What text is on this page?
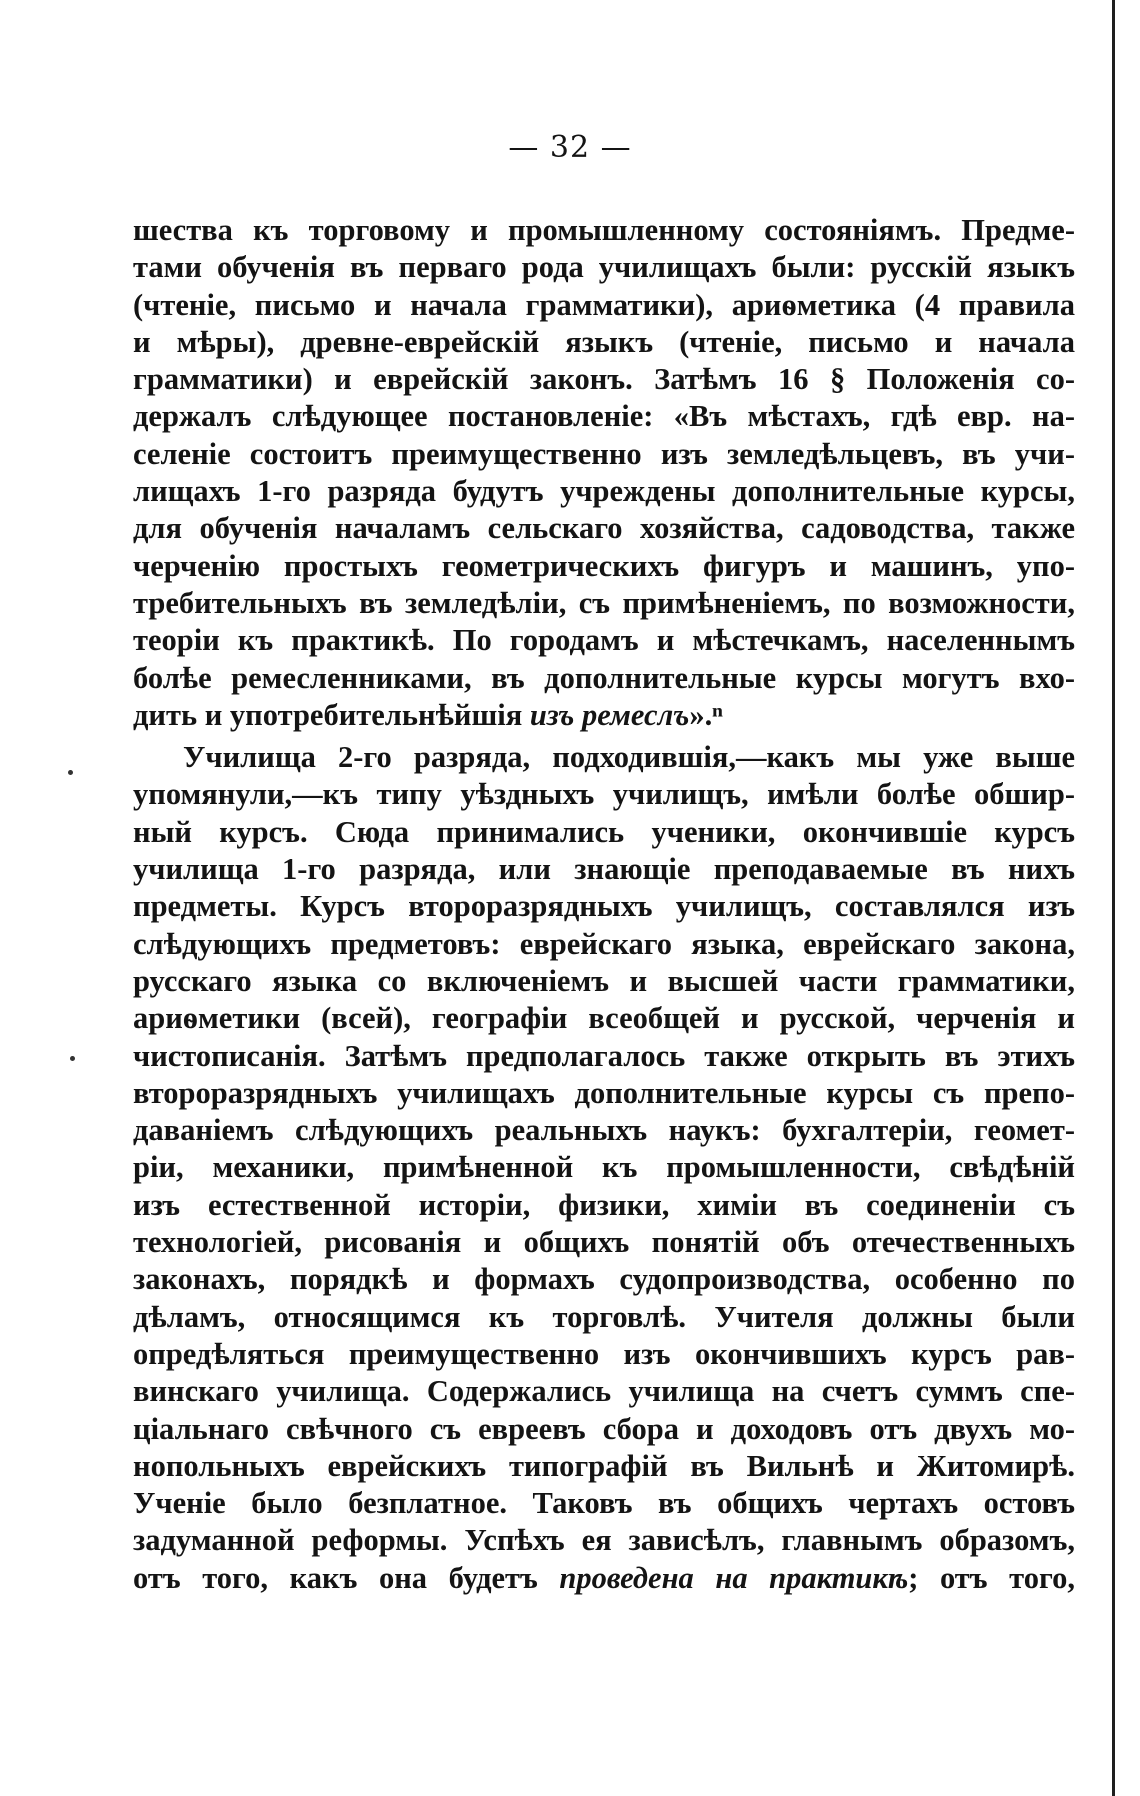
— 32 —
шества къ торговому и промышленному состояніямъ. Предме-
тами обученія въ перваго рода училищахъ были: русскій языкъ
(чтеніе, письмо и начала грамматики), ариѳметика (4 правила
и мѣры), древне-еврейскій языкъ (чтеніе, письмо и начала
грамматики) и еврейскій законъ. Затѣмъ 16 § Положенія со-
держалъ слѣдующее постановленіе: «Въ мѣстахъ, гдѣ евр. на-
селеніе состоитъ преимущественно изъ земледѣльцевъ, въ учи-
лищахъ 1-го разряда будутъ учреждены дополнительные курсы,
для обученія началамъ сельскаго хозяйства, садоводства, также
черченію простыхъ геометрическихъ фигуръ и машинъ, упо-
требительныхъ въ земледѣліи, съ примѣненіемъ, по возможности,
теоріи къ практикѣ. По городамъ и мѣстечкамъ, населеннымъ
болѣе ремесленниками, въ дополнительные курсы могутъ вхо-
дить и употребительнѣйшія изъ ремеслъ».ⁿ
Училища 2-го разряда, подходившія,—какъ мы уже выше
упомянули,—къ типу уѣздныхъ училищъ, имѣли болѣе обшир-
ный курсъ. Сюда принимались ученики, окончившіе курсъ
училища 1-го разряда, или знающіе преподаваемые въ нихъ
предметы. Курсъ второразрядныхъ училищъ, составлялся изъ
слѣдующихъ предметовъ: еврейскаго языка, еврейскаго закона,
русскаго языка со включеніемъ и высшей части грамматики,
ариѳметики (всей), географіи всеобщей и русской, черченія и
чистописанія. Затѣмъ предполагалось также открыть въ этихъ
второразрядныхъ училищахъ дополнительные курсы съ препо-
даваніемъ слѣдующихъ реальныхъ наукъ: бухгалтеріи, геомет-
ріи, механики, примѣненной къ промышленности, свѣдѣній
изъ естественной исторіи, физики, химіи въ соединеніи съ
технологіей, рисованія и общихъ понятій объ отечественныхъ
законахъ, порядкѣ и формахъ судопроизводства, особенно по
дѣламъ, относящимся къ торговлѣ. Учителя должны были
опредѣляться преимущественно изъ окончившихъ курсъ рав-
винскаго училища. Содержались училища на счетъ суммъ спе-
ціальнаго свѣчного съ евреевъ сбора и доходовъ отъ двухъ мо-
нопольныхъ еврейскихъ типографій въ Вильнѣ и Житомирѣ.
Ученіе было безплатное. Таковъ въ общихъ чертахъ остовъ
задуманной реформы. Успѣхъ ея зависѣлъ, главнымъ образомъ,
отъ того, какъ она будетъ проведена на практикѣ; отъ того,
